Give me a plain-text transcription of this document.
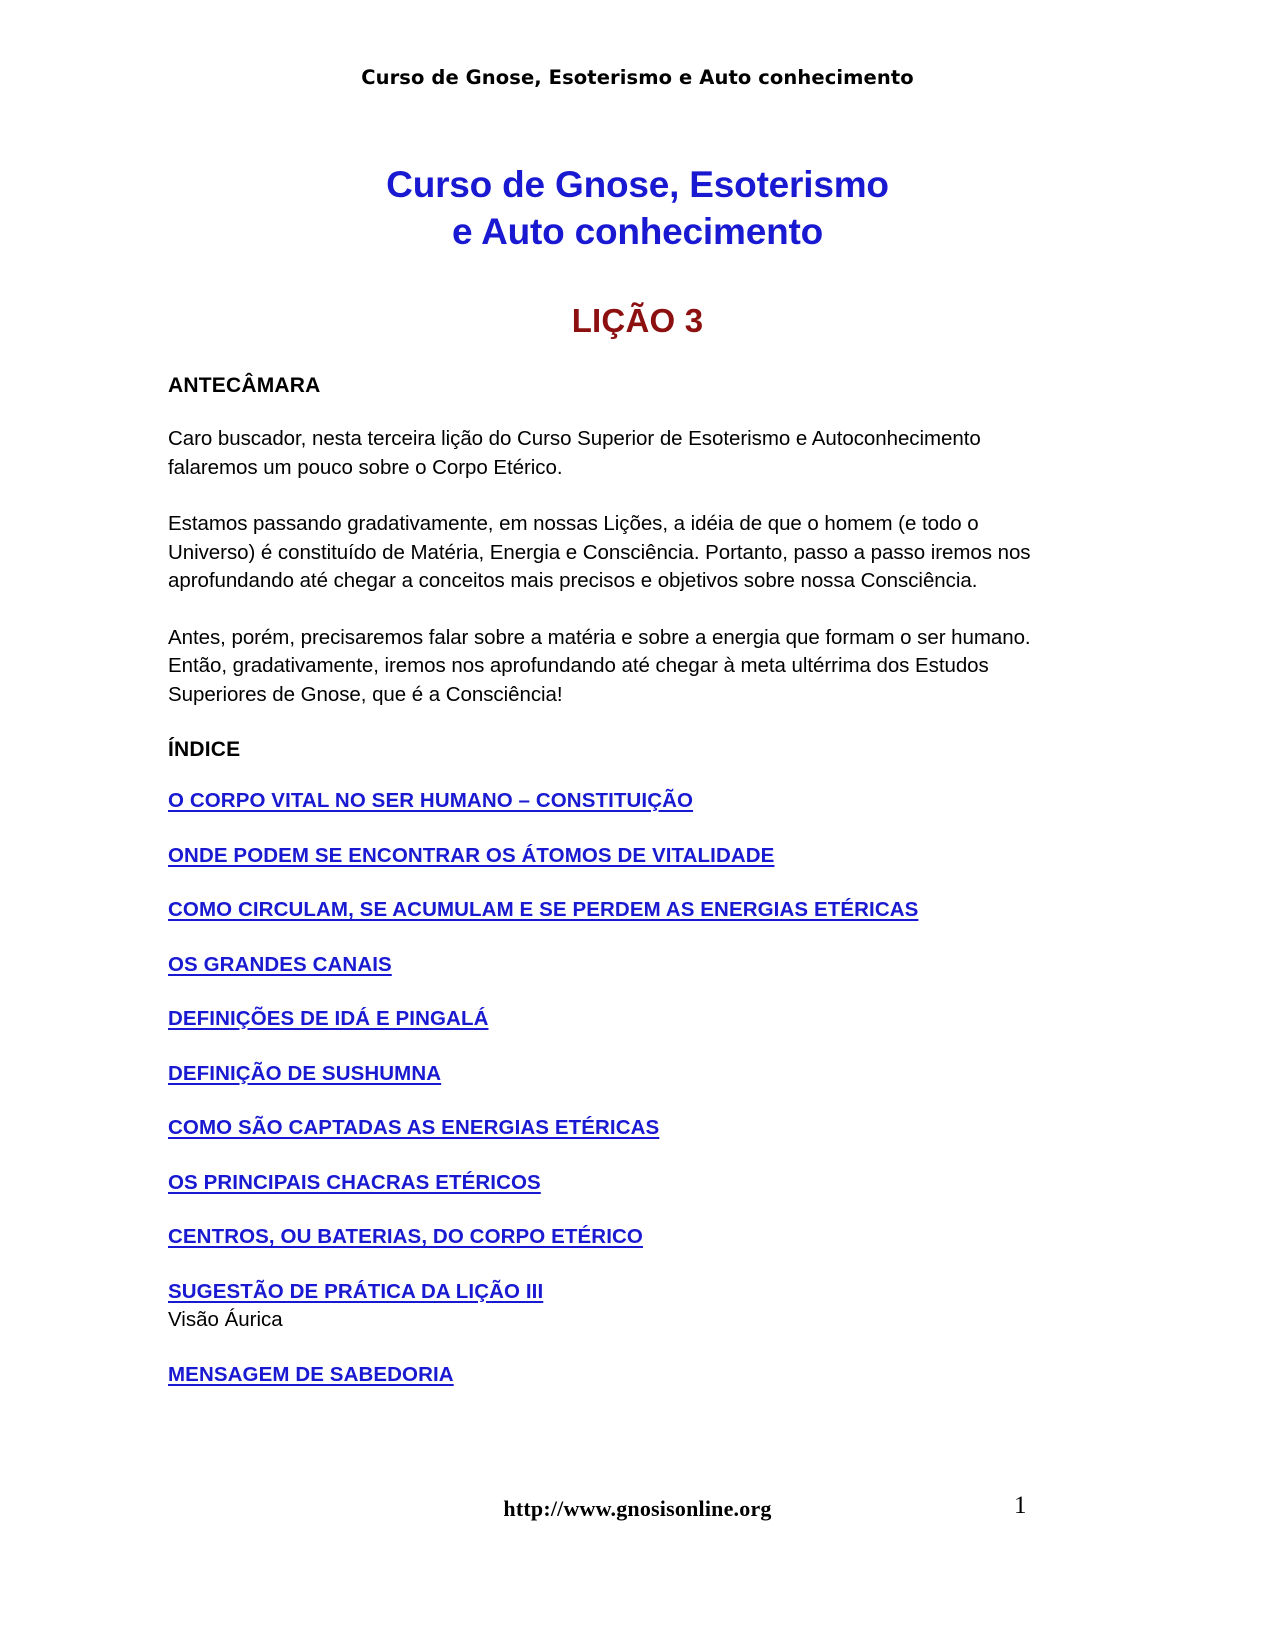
Curso de Gnose, Esoterismo e Auto conhecimento
Curso de Gnose, Esoterismo
e Auto conhecimento
LIÇÃO 3
ANTECÂMARA

Caro buscador, nesta terceira lição do Curso Superior de Esoterismo e Autoconhecimento falaremos um pouco sobre o Corpo Etérico.

Estamos passando gradativamente, em nossas Lições, a idéia de que o homem (e todo o Universo) é constituído de Matéria, Energia e Consciência. Portanto, passo a passo iremos nos aprofundando até chegar a conceitos mais precisos e objetivos sobre nossa Consciência.

Antes, porém, precisaremos falar sobre a matéria e sobre a energia que formam o ser humano. Então, gradativamente, iremos nos aprofundando até chegar à meta ultérrima dos Estudos Superiores de Gnose, que é a Consciência!

ÍNDICE
O CORPO VITAL NO SER HUMANO – CONSTITUIÇÃO
ONDE PODEM SE ENCONTRAR OS ÁTOMOS DE VITALIDADE
COMO CIRCULAM, SE ACUMULAM E SE PERDEM AS ENERGIAS ETÉRICAS
OS GRANDES CANAIS
DEFINIÇÕES DE IDÁ E PINGALÁ
DEFINIÇÃO DE SUSHUMNA
COMO SÃO CAPTADAS AS ENERGIAS ETÉRICAS
OS PRINCIPAIS CHACRAS ETÉRICOS
CENTROS, OU BATERIAS, DO CORPO ETÉRICO
SUGESTÃO DE PRÁTICA DA LIÇÃO III
Visão Áurica
MENSAGEM DE SABEDORIA
http://www.gnosisonline.org	1
